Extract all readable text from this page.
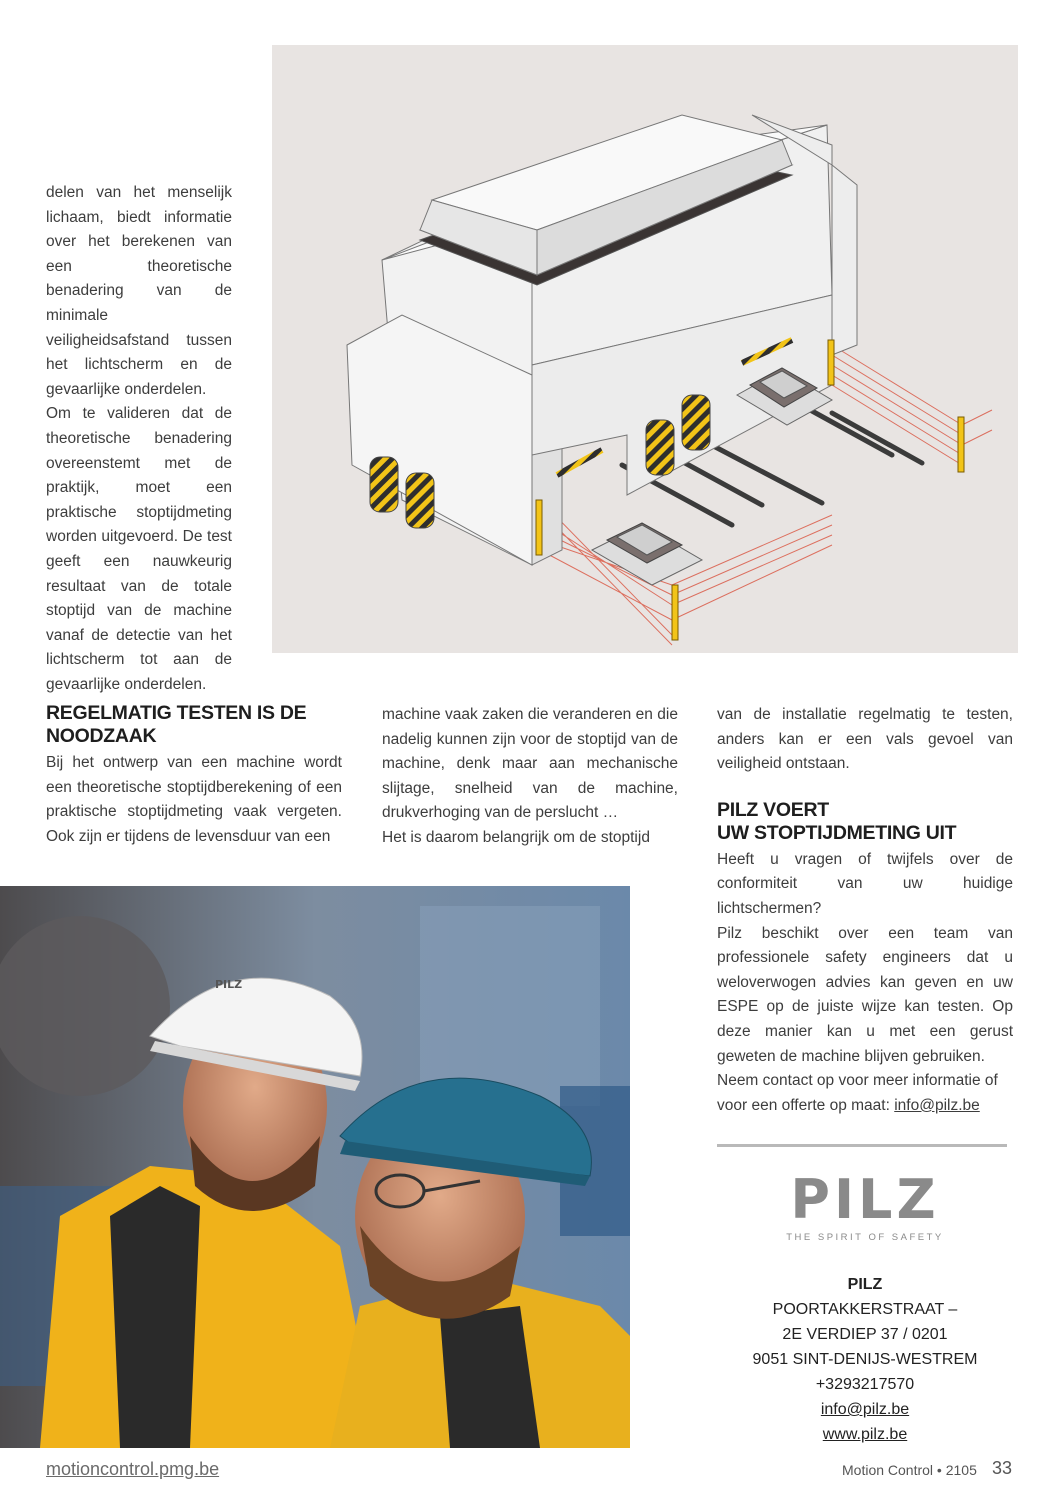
delen van het menselijk lichaam, biedt informatie over het berekenen van een theoretische benadering van de minimale veiligheidsafstand tussen het lichtscherm en de gevaarlijke onderdelen.

Om te valideren dat de theoretische benadering overeenstemt met de praktijk, moet een praktische stoptijdmeting worden uitgevoerd. De test geeft een nauwkeurig resultaat van de totale stoptijd van de machine vanaf de detectie van het lichtscherm tot aan de gevaarlijke onderdelen.

REGELMATIG TESTEN IS DE
NOODZAAK

Bij het ontwerp van een machine wordt een theoretische stoptijdberekening of een praktische stoptijdmeting vaak vergeten. Ook zijn er tijdens de levensduur van een

machine vaak zaken die veranderen en die nadelig kunnen zijn voor de stoptijd van de machine, denk maar aan mechanische slijtage, snelheid van de machine, drukverhoging van de perslucht …

Het is daarom belangrijk om de stoptijd

van de installatie regelmatig te testen, anders kan er een vals gevoel van veiligheid ontstaan.

PILZ VOERT
UW STOPTIJDMETING UIT

Heeft u vragen of twijfels over de conformiteit van uw huidige lichtschermen?

Pilz beschikt over een team van professionele safety engineers dat u weloverwogen advies kan geven en uw ESPE op de juiste wijze kan testen. Op deze manier kan u met een gerust geweten de machine blijven gebruiken.

Neem contact op voor meer informatie of voor een offerte op maat: info@pilz.be

PILZ
PILZ
THE SPIRIT OF SAFETY
PILZ
POORTAKKERSTRAAT –
2E VERDIEP 37 / 0201
9051 SINT-DENIJS-WESTREM
+3293217570
info@pilz.be
www.pilz.be
motioncontrol.pmg.be	Motion Control • 2105 33
